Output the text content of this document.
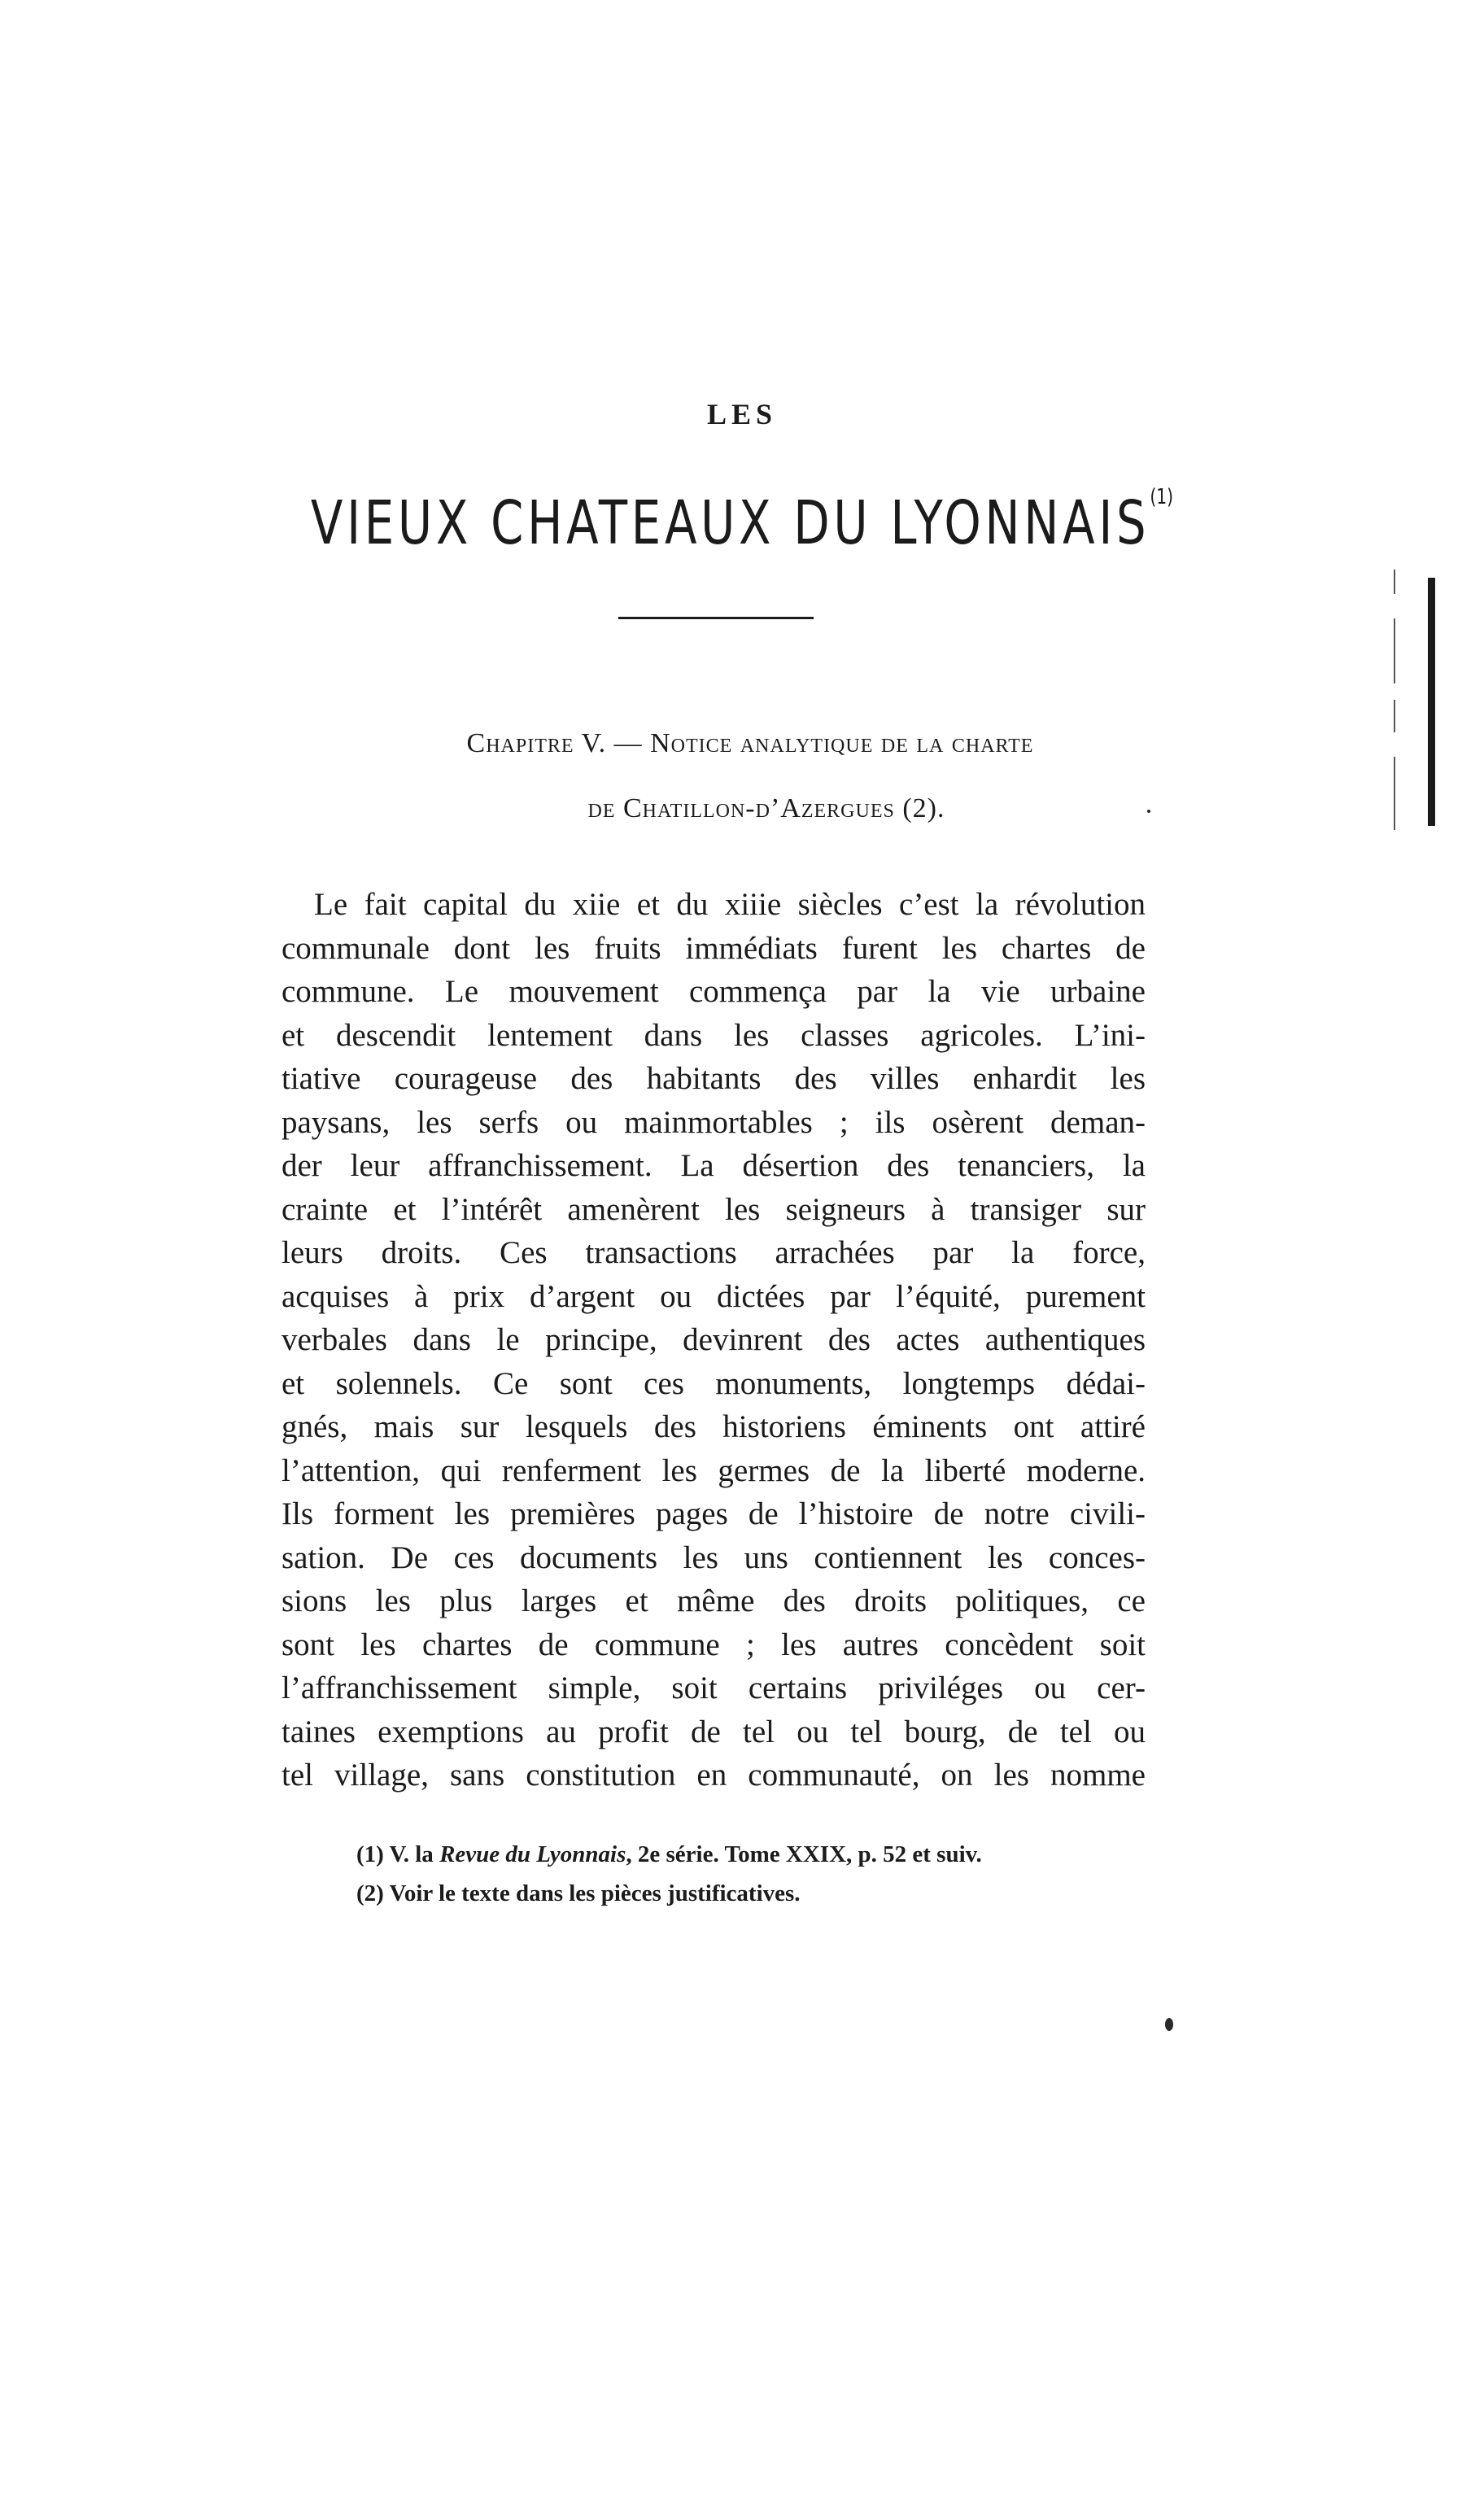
LES
VIEUX CHATEAUX DU LYONNAIS$^{(1)}$
Chapitre V. — Notice analytique de la charte
de Chatillon-d’Azergues (2).
Le fait capital du xiie et du xiiie siècles c’est la révolution
communale dont les fruits immédiats furent les chartes de
commune. Le mouvement commença par la vie urbaine
et descendit lentement dans les classes agricoles. L’ini-
tiative courageuse des habitants des villes enhardit les
paysans, les serfs ou mainmortables ; ils osèrent deman-
der leur affranchissement. La désertion des tenanciers, la
crainte et l’intérêt amenèrent les seigneurs à transiger sur
leurs droits. Ces transactions arrachées par la force,
acquises à prix d’argent ou dictées par l’équité, purement
verbales dans le principe, devinrent des actes authentiques
et solennels. Ce sont ces monuments, longtemps dédai-
gnés, mais sur lesquels des historiens éminents ont attiré
l’attention, qui renferment les germes de la liberté moderne.
Ils forment les premières pages de l’histoire de notre civili-
sation. De ces documents les uns contiennent les conces-
sions les plus larges et même des droits politiques, ce
sont les chartes de commune ; les autres concèdent soit
l’affranchissement simple, soit certains priviléges ou cer-
taines exemptions au profit de tel ou tel bourg, de tel ou
tel village, sans constitution en communauté, on les nomme
(1) V. la Revue du Lyonnais, 2e série. Tome XXIX, p. 52 et suiv.
(2) Voir le texte dans les pièces justificatives.
